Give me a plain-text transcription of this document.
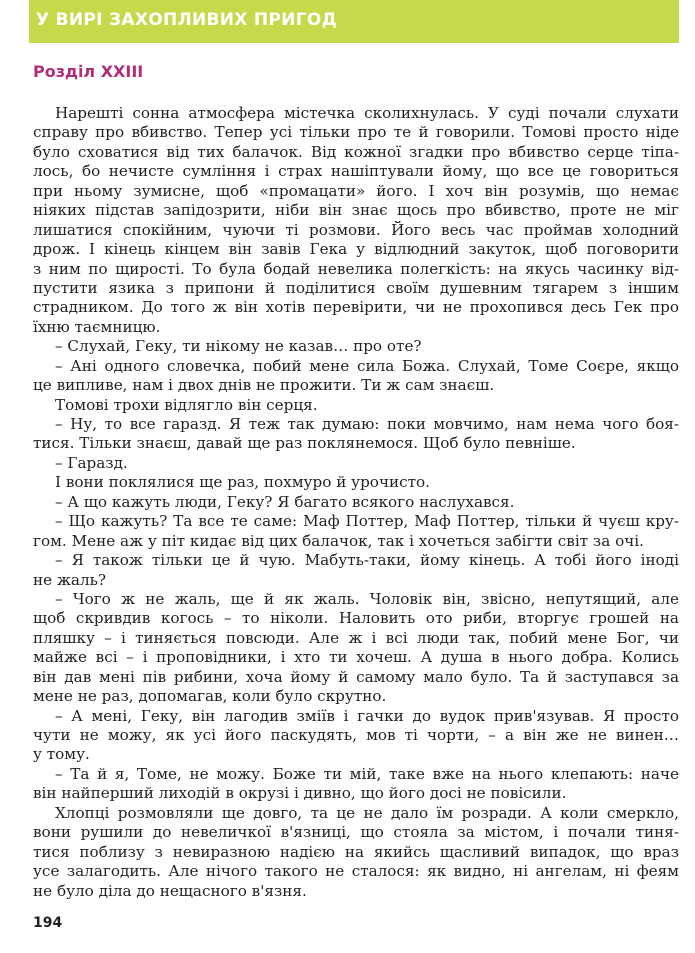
У ВИРІ ЗАХОПЛИВИХ ПРИГОД
Розділ XXIII
Нарешті сонна атмосфера містечка сколихнулась. У суді почали слухати
справу про вбивство. Тепер усі тільки про те й говорили. Томові просто ніде
було сховатися від тих балачок. Від кожної згадки про вбивство серце тіпа-
лось, бо нечисте сумління і страх нашіптували йому, що все це говориться
при ньому зумисне, щоб «промацати» його. І хоч він розумів, що немає
ніяких підстав запідозрити, ніби він знає щось про вбивство, проте не міг
лишатися спокійним, чуючи ті розмови. Його весь час проймав холодний
дрож. І кінець кінцем він завів Гека у відлюдний закуток, щоб поговорити
з ним по щирості. То була бодай невелика полегкість: на якусь часинку від-
пустити язика з припони й поділитися своїм душевним тягарем з іншим
страдником. До того ж він хотів перевірити, чи не прохопився десь Гек про
їхню таємницю.
– Слухай, Геку, ти нікому не казав… про оте?
– Ані одного словечка, побий мене сила Божа. Слухай, Томе Соєре, якщо
це випливе, нам і двох днів не прожити. Ти ж сам знаєш.
Томові трохи відлягло він серця.
– Ну, то все гаразд. Я теж так думаю: поки мовчимо, нам нема чого боя-
тися. Тільки знаєш, давай ще раз поклянемося. Щоб було певніше.
– Гаразд.
І вони поклялися ще раз, похмуро й урочисто.
– А що кажуть люди, Геку? Я багато всякого наслухався.
– Що кажуть? Та все те саме: Маф Поттер, Маф Поттер, тільки й чуєш кру-
гом. Мене аж у піт кидає від цих балачок, так і хочеться забігти світ за очі.
– Я також тільки це й чую. Мабуть-таки, йому кінець. А тобі його іноді
не жаль?
– Чого ж не жаль, ще й як жаль. Чоловік він, звісно, непутящий, але
щоб скривдив когось – то ніколи. Наловить ото риби, вторгує грошей на
пляшку – і тиняється повсюди. Але ж і всі люди так, побий мене Бог, чи
майже всі – і проповідники, і хто ти хочеш. А душа в нього добра. Колись
він дав мені пів рибини, хоча йому й самому мало було. Та й заступався за
мене не раз, допомагав, коли було скрутно.
– А мені, Геку, він лагодив зміїв і гачки до вудок прив'язував. Я просто
чути не можу, як усі його паскудять, мов ті чорти, – а він же не винен…
у тому.
– Та й я, Томе, не можу. Боже ти мій, таке вже на нього клепають: наче
він найперший лиходій в окрузі і дивно, що його досі не повісили.
Хлопці розмовляли ще довго, та це не дало їм розради. А коли смеркло,
вони рушили до невеличкої в'язниці, що стояла за містом, і почали тиня-
тися поблизу з невиразною надією на якийсь щасливий випадок, що враз
усе залагодить. Але нічого такого не сталося: як видно, ні ангелам, ні феям
не було діла до нещасного в'язня.
194
